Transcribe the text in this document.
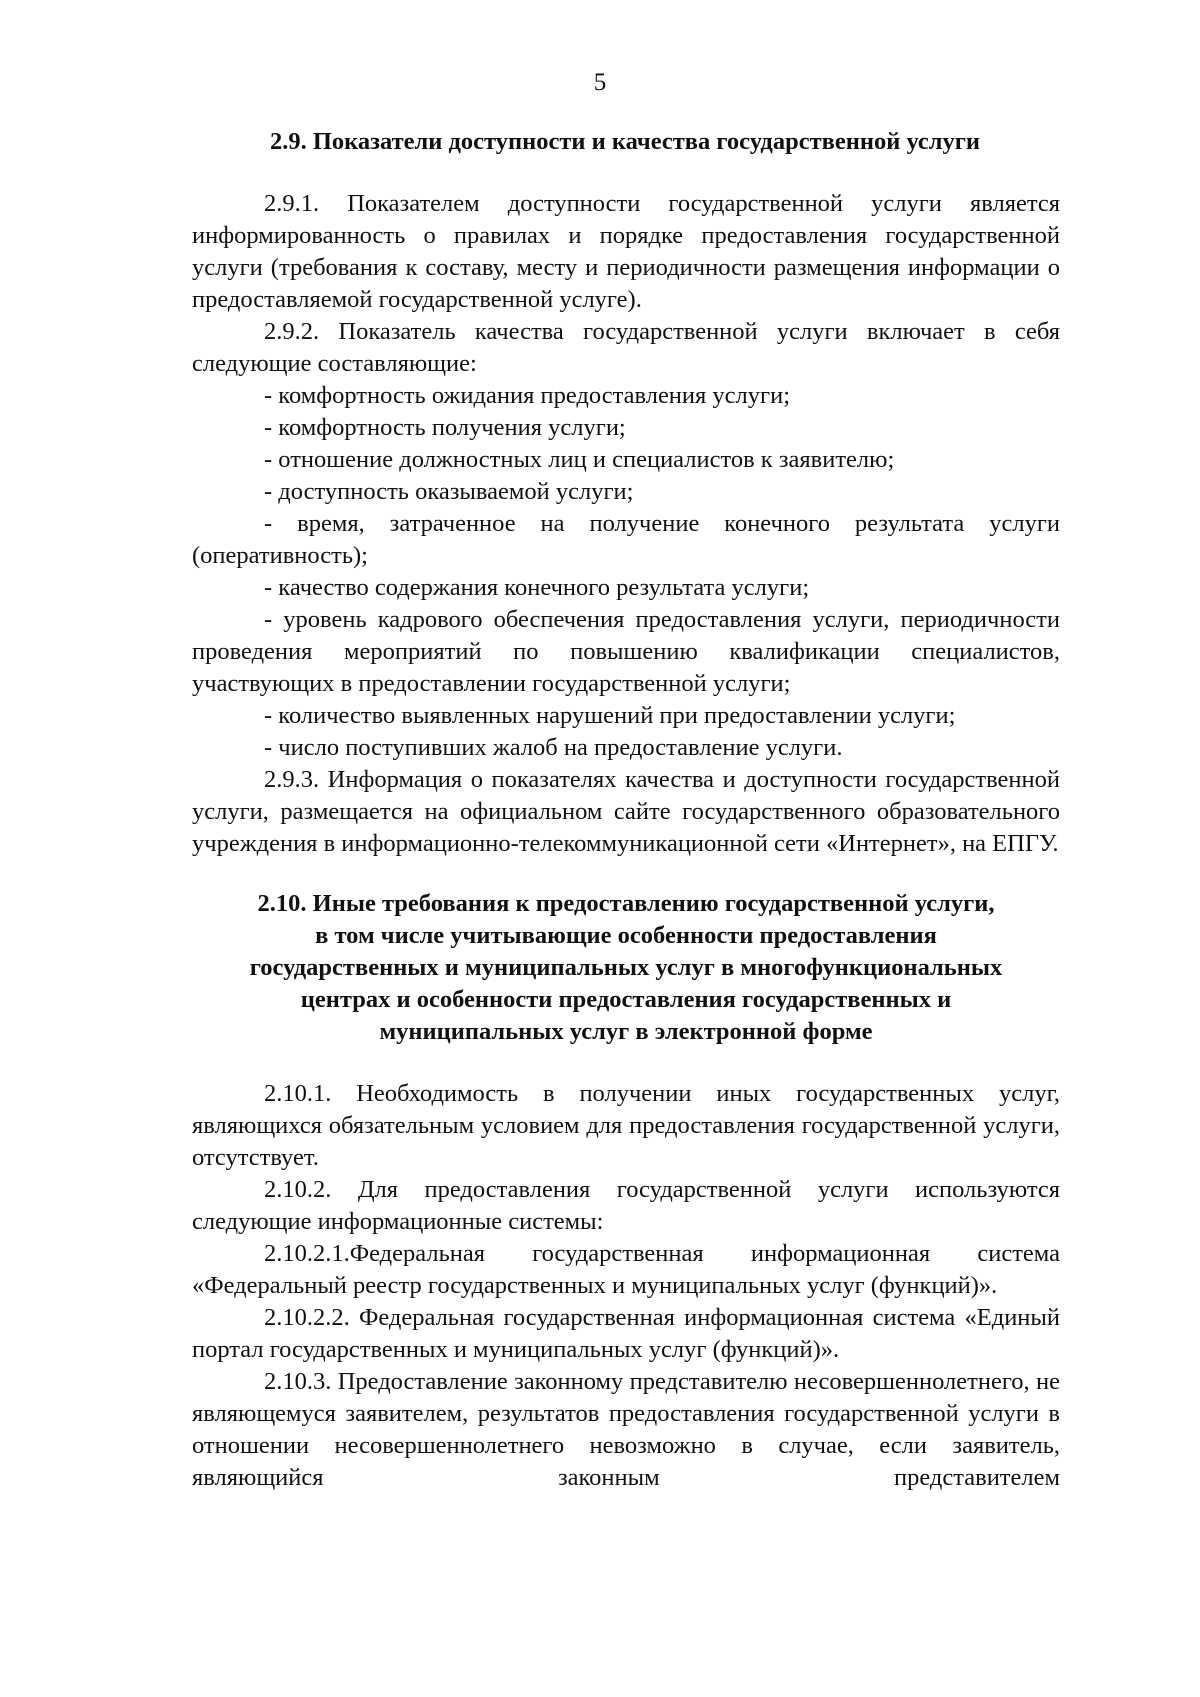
5

2.9. Показатели доступности и качества государственной услуги

2.9.1. Показателем доступности государственной услуги является информированность о правилах и порядке предоставления государственной услуги (требования к составу, месту и периодичности размещения информации о предоставляемой государственной услуге).

2.9.2. Показатель качества государственной услуги включает в себя следующие составляющие:

- комфортность ожидания предоставления услуги;

- комфортность получения услуги;

- отношение должностных лиц и специалистов к заявителю;

- доступность оказываемой услуги;

- время, затраченное на получение конечного результата услуги (оперативность);

- качество содержания конечного результата услуги;

- уровень кадрового обеспечения предоставления услуги, периодичности проведения мероприятий по повышению квалификации специалистов, участвующих в предоставлении государственной услуги;

- количество выявленных нарушений при предоставлении услуги;

- число поступивших жалоб на предоставление услуги.

2.9.3. Информация о показателях качества и доступности государственной услуги, размещается на официальном сайте государственного образовательного учреждения в информационно-телекоммуникационной сети «Интернет», на ЕПГУ.

2.10. Иные требования к предоставлению государственной услуги,
в том числе учитывающие особенности предоставления
государственных и муниципальных услуг в многофункциональных
центрах и особенности предоставления государственных и
муниципальных услуг в электронной форме

2.10.1. Необходимость в получении иных государственных услуг, являющихся обязательным условием для предоставления государственной услуги, отсутствует.

2.10.2. Для предоставления государственной услуги используются следующие информационные системы:

2.10.2.1.Федеральная государственная информационная система «Федеральный реестр государственных и муниципальных услуг (функций)».

2.10.2.2. Федеральная государственная информационная система «Единый портал государственных и муниципальных услуг (функций)».

2.10.3. Предоставление законному представителю несовершеннолетнего, не являющемуся заявителем, результатов предоставления государственной услуги в отношении несовершеннолетнего невозможно в случае, если заявитель, являющийся законным представителем
